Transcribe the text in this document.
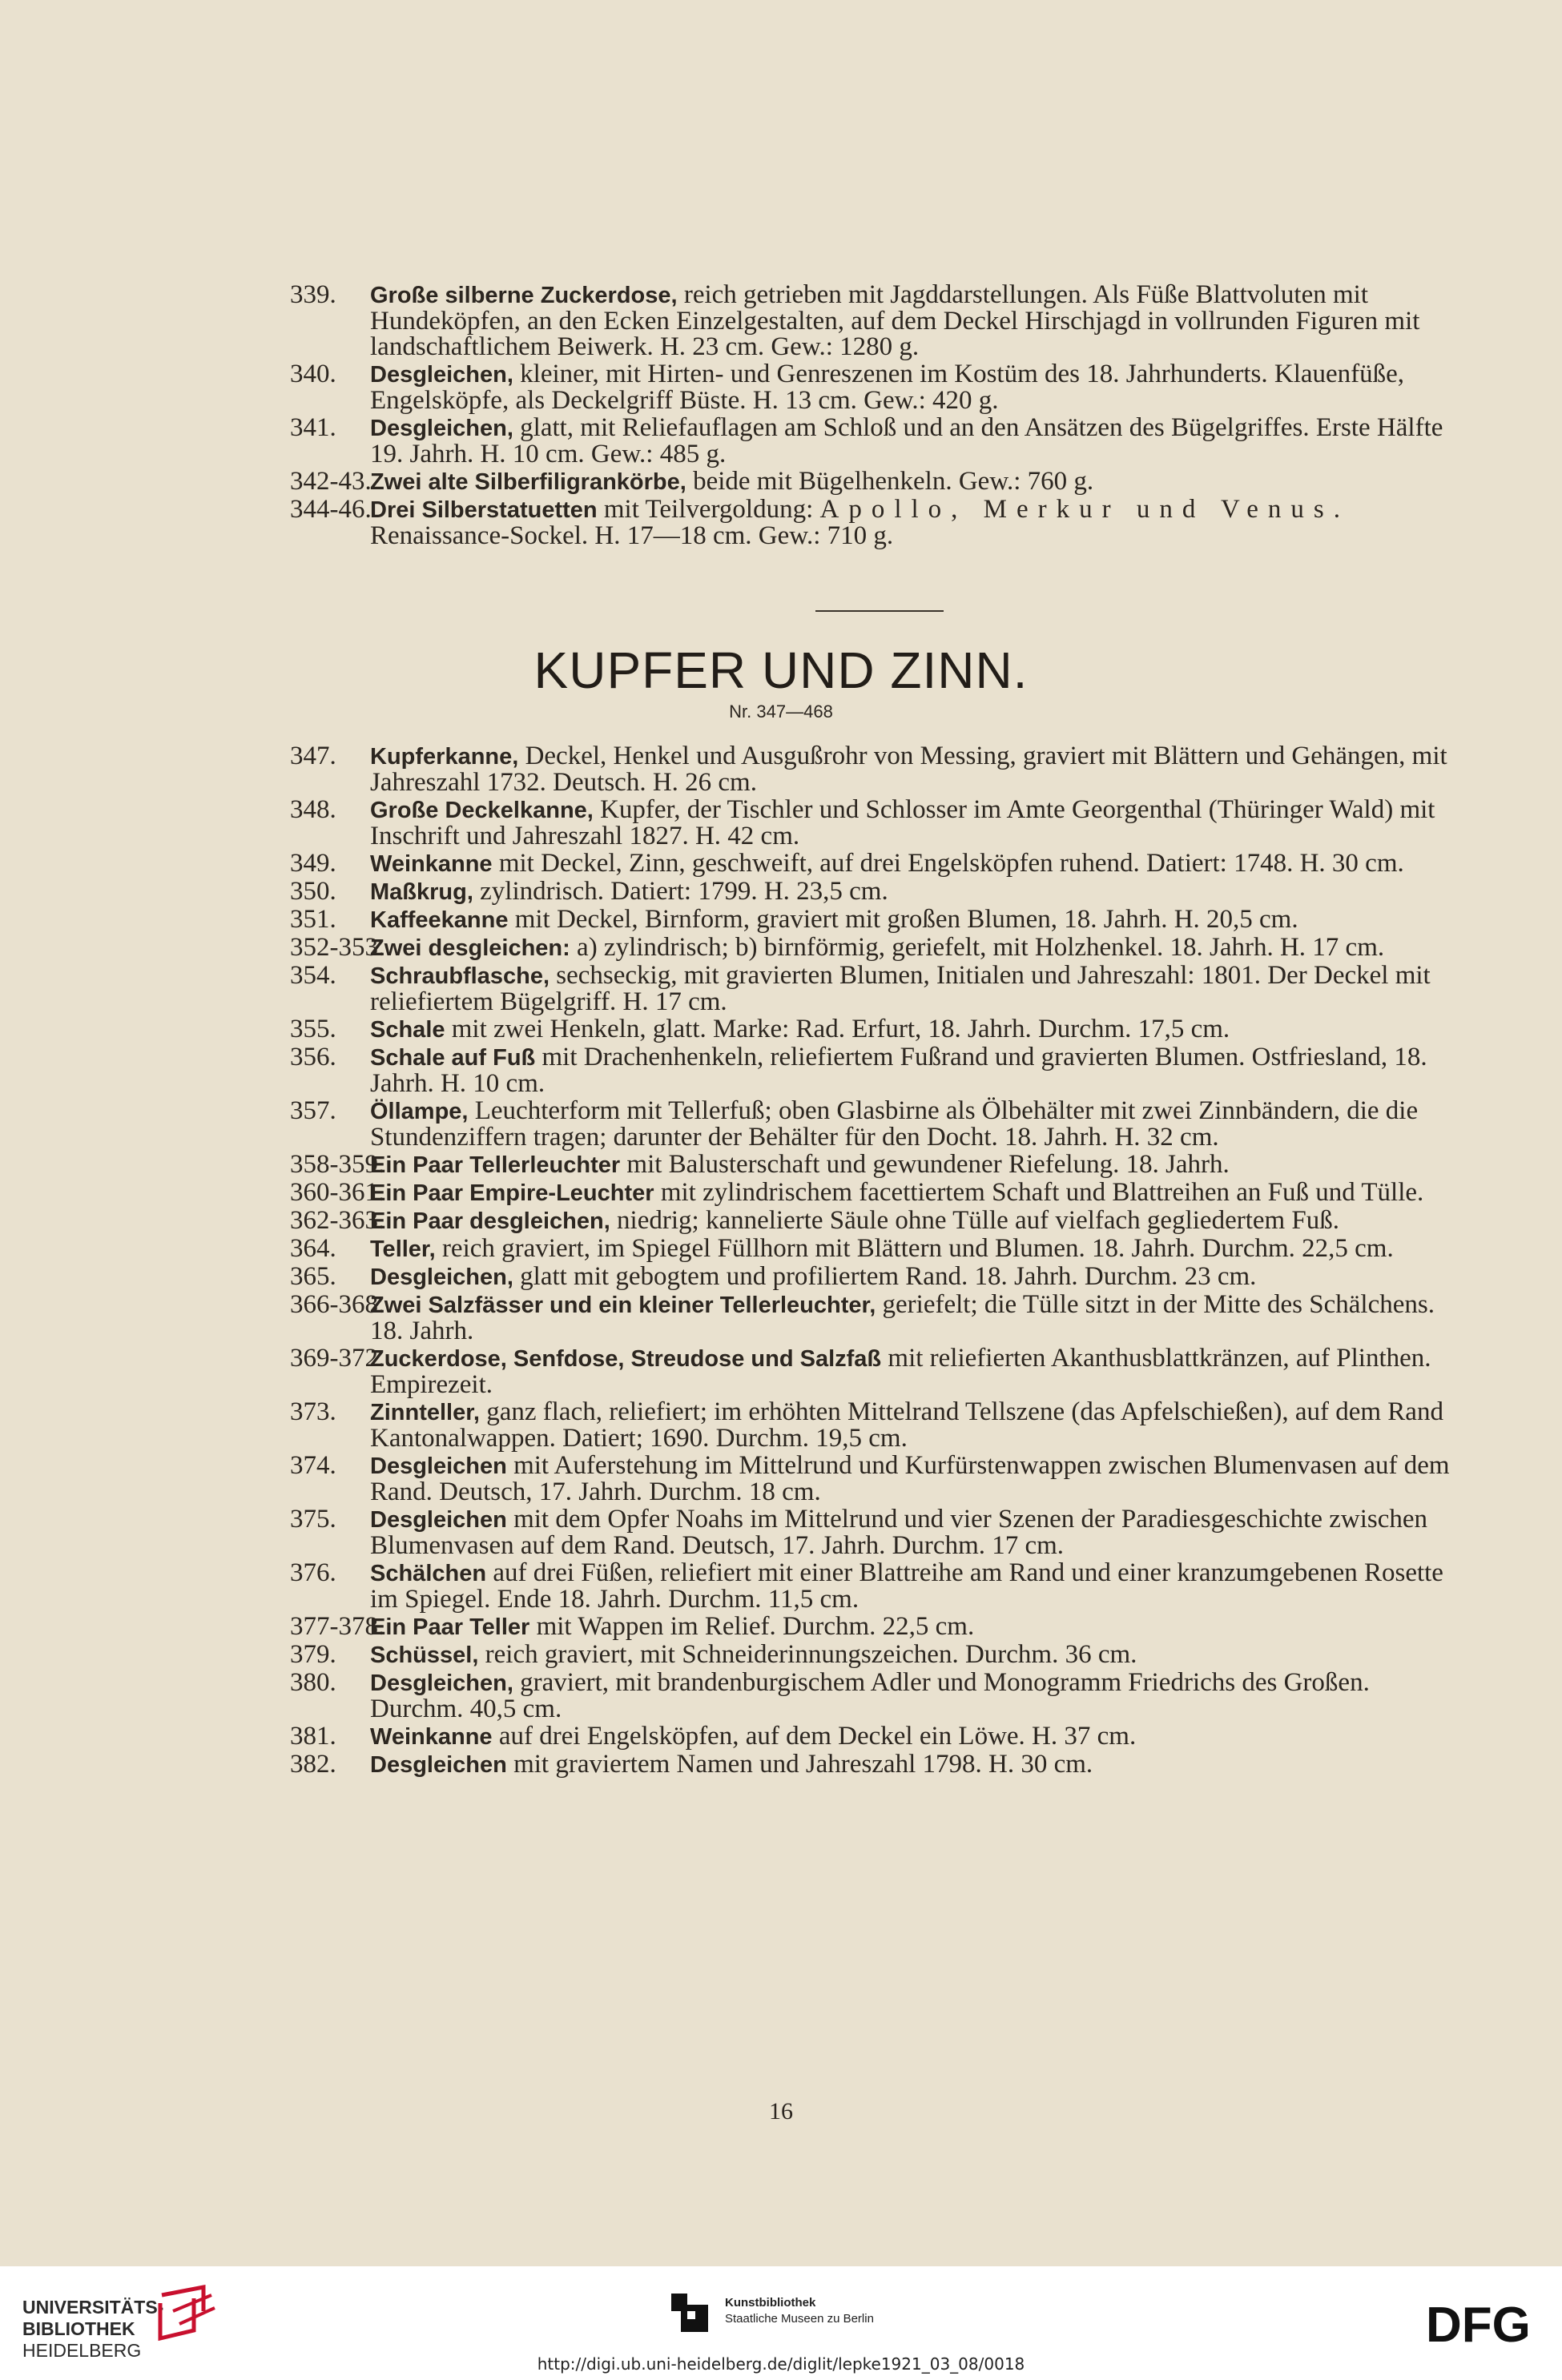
339. Große silberne Zuckerdose, reich getrieben mit Jagddarstellungen. Als Füße Blattvoluten mit Hundeköpfen, an den Ecken Einzelgestalten, auf dem Deckel Hirschjagd in vollrunden Figuren mit landschaftlichem Beiwerk. H. 23 cm. Gew.: 1280 g.
340. Desgleichen, kleiner, mit Hirten- und Genreszenen im Kostüm des 18. Jahrhunderts. Klauenfüße, Engelsköpfe, als Deckelgriff Büste. H. 13 cm. Gew.: 420 g.
341. Desgleichen, glatt, mit Reliefauflagen am Schloß und an den Ansätzen des Bügelgriffes. Erste Hälfte 19. Jahrh. H. 10 cm. Gew.: 485 g.
342-43.
Zwei alte Silberfiligrankörbe, beide mit Bügelhenkeln. Gew.: 760 g.
344-46.
Drei Silberstatuetten mit Teilvergoldung: Apollo, Merkur und Venus. Renaissance-Sockel. H. 17—18 cm. Gew.: 710 g.
KUPFER UND ZINN.
Nr. 347—468
347. Kupferkanne, Deckel, Henkel und Ausgußrohr von Messing, graviert mit Blättern und Gehängen, mit Jahreszahl 1732. Deutsch. H. 26 cm.
348. Große Deckelkanne, Kupfer, der Tischler und Schlosser im Amte Georgenthal (Thüringer Wald) mit Inschrift und Jahreszahl 1827. H. 42 cm.
349. Weinkanne mit Deckel, Zinn, geschweift, auf drei Engelsköpfen ruhend. Datiert: 1748. H. 30 cm.
350. Maßkrug, zylindrisch. Datiert: 1799. H. 23,5 cm.
351. Kaffeekanne mit Deckel, Birnform, graviert mit großen Blumen, 18. Jahrh. H. 20,5 cm.
352-353.
Zwei desgleichen: a) zylindrisch; b) birnförmig, geriefelt, mit Holzhenkel. 18. Jahrh. H. 17 cm.
354. Schraubflasche, sechseckig, mit gravierten Blumen, Initialen und Jahreszahl: 1801. Der Deckel mit reliefiertem Bügelgriff. H. 17 cm.
355. Schale mit zwei Henkeln, glatt. Marke: Rad. Erfurt, 18. Jahrh. Durchm. 17,5 cm.
356. Schale auf Fuß mit Drachenhenkeln, reliefiertem Fußrand und gravierten Blumen. Ostfriesland, 18. Jahrh. H. 10 cm.
357. Öllampe, Leuchterform mit Tellerfuß; oben Glasbirne als Ölbehälter mit zwei Zinnbändern, die die Stundenziffern tragen; darunter der Behälter für den Docht. 18. Jahrh. H. 32 cm.
358-359.
Ein Paar Tellerleuchter mit Balusterschaft und gewundener Riefelung. 18. Jahrh.
360-361.
Ein Paar Empire-Leuchter mit zylindrischem facettiertem Schaft und Blattreihen an Fuß und Tülle.
362-363.
Ein Paar desgleichen, niedrig; kannelierte Säule ohne Tülle auf vielfach gegliedertem Fuß.
364. Teller, reich graviert, im Spiegel Füllhorn mit Blättern und Blumen. 18. Jahrh. Durchm. 22,5 cm.
365. Desgleichen, glatt mit gebogtem und profiliertem Rand. 18. Jahrh. Durchm. 23 cm.
366-368.
Zwei Salzfässer und ein kleiner Tellerleuchter, geriefelt; die Tülle sitzt in der Mitte des Schälchens. 18. Jahrh.
369-372.
Zuckerdose, Senfdose, Streudose und Salzfaß mit reliefierten Akanthusblattkränzen, auf Plinthen. Empirezeit.
373. Zinnteller, ganz flach, reliefiert; im erhöhten Mittelrand Tellszene (das Apfelschießen), auf dem Rand Kantonalwappen. Datiert; 1690. Durchm. 19,5 cm.
374. Desgleichen mit Auferstehung im Mittelrund und Kurfürstenwappen zwischen Blumenvasen auf dem Rand. Deutsch, 17. Jahrh. Durchm. 18 cm.
375. Desgleichen mit dem Opfer Noahs im Mittelrund und vier Szenen der Paradiesgeschichte zwischen Blumenvasen auf dem Rand. Deutsch, 17. Jahrh. Durchm. 17 cm.
376. Schälchen auf drei Füßen, reliefiert mit einer Blattreihe am Rand und einer kranzumgebenen Rosette im Spiegel. Ende 18. Jahrh. Durchm. 11,5 cm.
377-378.
Ein Paar Teller mit Wappen im Relief. Durchm. 22,5 cm.
379. Schüssel, reich graviert, mit Schneiderinnungszeichen. Durchm. 36 cm.
380. Desgleichen, graviert, mit brandenburgischem Adler und Monogramm Friedrichs des Großen. Durchm. 40,5 cm.
381. Weinkanne auf drei Engelsköpfen, auf dem Deckel ein Löwe. H. 37 cm.
382. Desgleichen mit graviertem Namen und Jahreszahl 1798. H. 30 cm.
16
UNIVERSITÄTS-
BIBLIOTHEK
HEIDELBERG
Kunstbibliothek
Staatliche Museen zu Berlin	DFG
http://digi.ub.uni-heidelberg.de/diglit/lepke1921_03_08/0018
